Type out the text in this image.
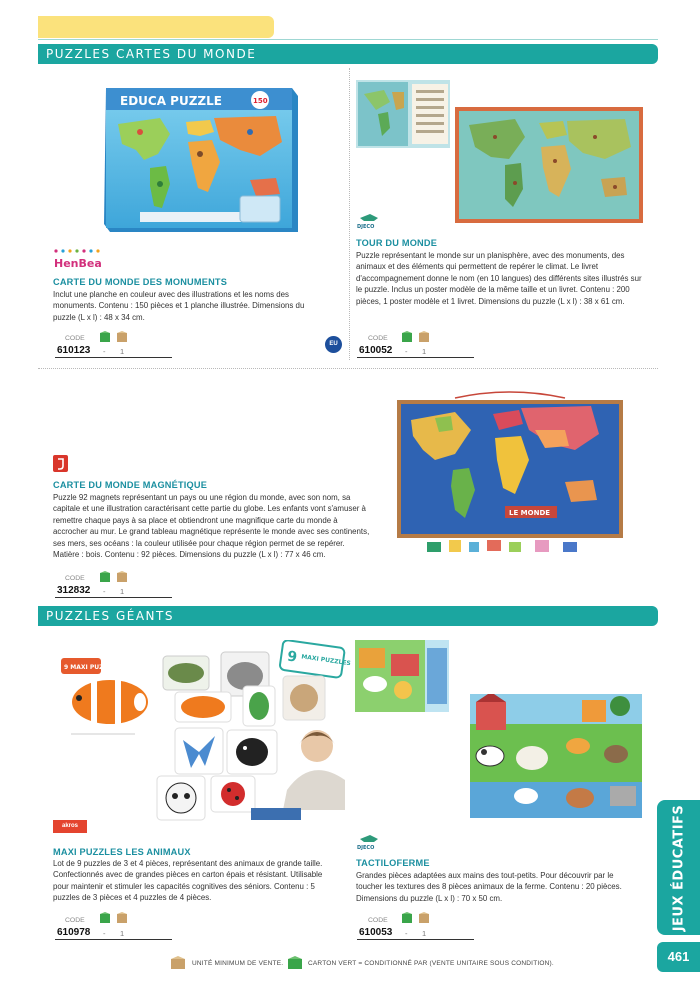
PUZZLES CARTES DU MONDE
EDUCA PUZZLE	150
HenBea
CARTE DU MONDE DES MONUMENTS
Inclut une planche en couleur avec des illustrations et les noms des monuments. Contenu : 150 pièces et 1 planche illustrée. Dimensions du puzzle (L x l) : 48 x 34 cm.
CODE
610123 - 1
EU
DJECO
TOUR DU MONDE
Puzzle représentant le monde sur un planisphère, avec des monuments, des animaux et des éléments qui permettent de repérer le climat. Le livret d'accompagnement donne le nom (en 10 langues) des différents sites illustrés sur le puzzle. Inclus un poster modèle de la même taille et un livret. Contenu : 200 pièces, 1 poster modèle et 1 livret. Dimensions du puzzle (L x l) : 38 x 61 cm.
CODE
610052 - 1
LE MONDE
CARTE DU MONDE MAGNÉTIQUE
Puzzle 92 magnets représentant un pays ou une région du monde, avec son nom, sa capitale et une illustration caractérisant cette partie du globe. Les enfants vont s'amuser à remettre chaque pays à sa place et obtiendront une magnifique carte du monde à accrocher au mur. Le grand tableau magnétique représente le monde avec ses continents, ses mers, ses océans : la couleur utilisée pour chaque région permet de se repérer. Matière : bois. Contenu : 92 pièces. Dimensions du puzzle (L x l) : 77 x 46 cm.
CODE
312832 - 1
PUZZLES GÉANTS
9 MAXI PUZZLES
9 MAXI PUZZLES
akros
MAXI PUZZLES LES ANIMAUX
Lot de 9 puzzles de 3 et 4 pièces, représentant des animaux de grande taille. Confectionnés avec de grandes pièces en carton épais et résistant. Utilisable pour maintenir et stimuler les capacités cognitives des séniors. Contenu : 5 puzzles de 3 pièces et 4 puzzles de 4 pièces.
CODE
610978 - 1
DJECO
TACTILOFERME
Grandes pièces adaptées aux mains des tout-petits. Pour découvrir par le toucher les textures des 8 pièces animaux de la ferme. Contenu : 20 pièces. Dimensions du puzzle (L x l) : 70 x 50 cm.
CODE
610053 - 1
UNITÉ MINIMUM DE VENTE.	CARTON VERT = CONDITIONNÉ PAR (VENTE UNITAIRE SOUS CONDITION).
JEUX ÉDUCATIFS
461
